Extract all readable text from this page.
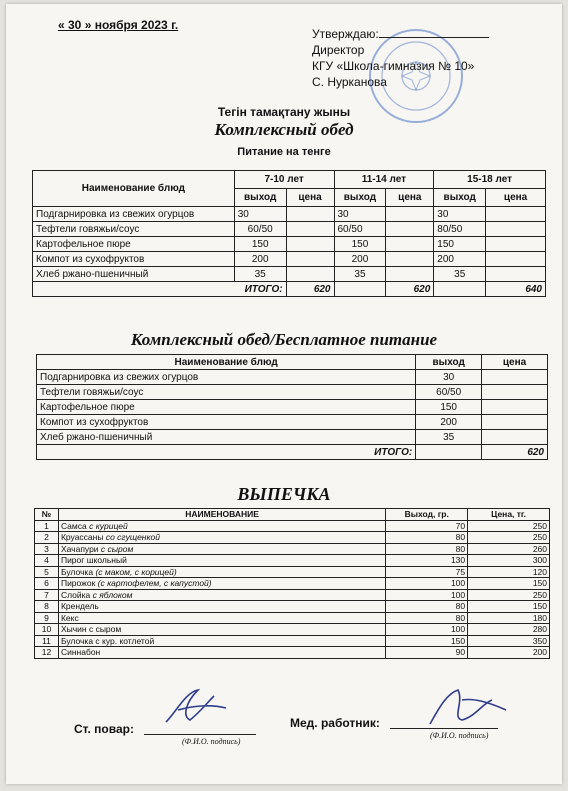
« 30 » ноября 2023 г.
Утверждаю:
Директор
КГУ «Школа-гимназия № 10»
С. Нурканова
Тегін тамақтану жыны
Комплексный обед
Питание на тенге
Наименование блюд	7-10 лет		11-14 лет		15-18 лет	
	выход	цена	выход	цена	выход	цена
Подгарнировка из свежих огурцов	30		30		30	
Тефтели говяжьи/соус	60/50		60/50		80/50	
Картофельное пюре	150		150		150	
Компот из сухофруктов	200		200		200	
Хлеб ржано-пшеничный	35		35		35	
ИТОГО:		620		620		640
Комплексный обед/Бесплатное питание
Наименование блюд	выход	цена
Подгарнировка из свежих огурцов	30	
Тефтели говяжьи/соус	60/50	
Картофельное пюре	150	
Компот из сухофруктов	200	
Хлеб ржано-пшеничный	35	
ИТОГО:		620
ВЫПЕЧКА
№	НАИМЕНОВАНИЕ	Выход, гр.	Цена, тг.
1	Самса с курицей	70	250
2	Круассаны со сгущенкой	80	250
3	Хачапури с сыром	80	260
4	Пирог школьный	130	300
5	Булочка (с маком, с корицей)	75	120
6	Пирожок (с картофелем, с капустой)	100	150
7	Слойка с яблоком	100	250
8	Крендель	80	150
9	Кекс	80	180
10	Хычин с сыром	100	280
11	Булочка с кур. котлетой	150	350
12	Синнабон	90	200
Ст. повар:
(Ф.И.О. подпись)
Мед. работник:
(Ф.И.О. подпись)
